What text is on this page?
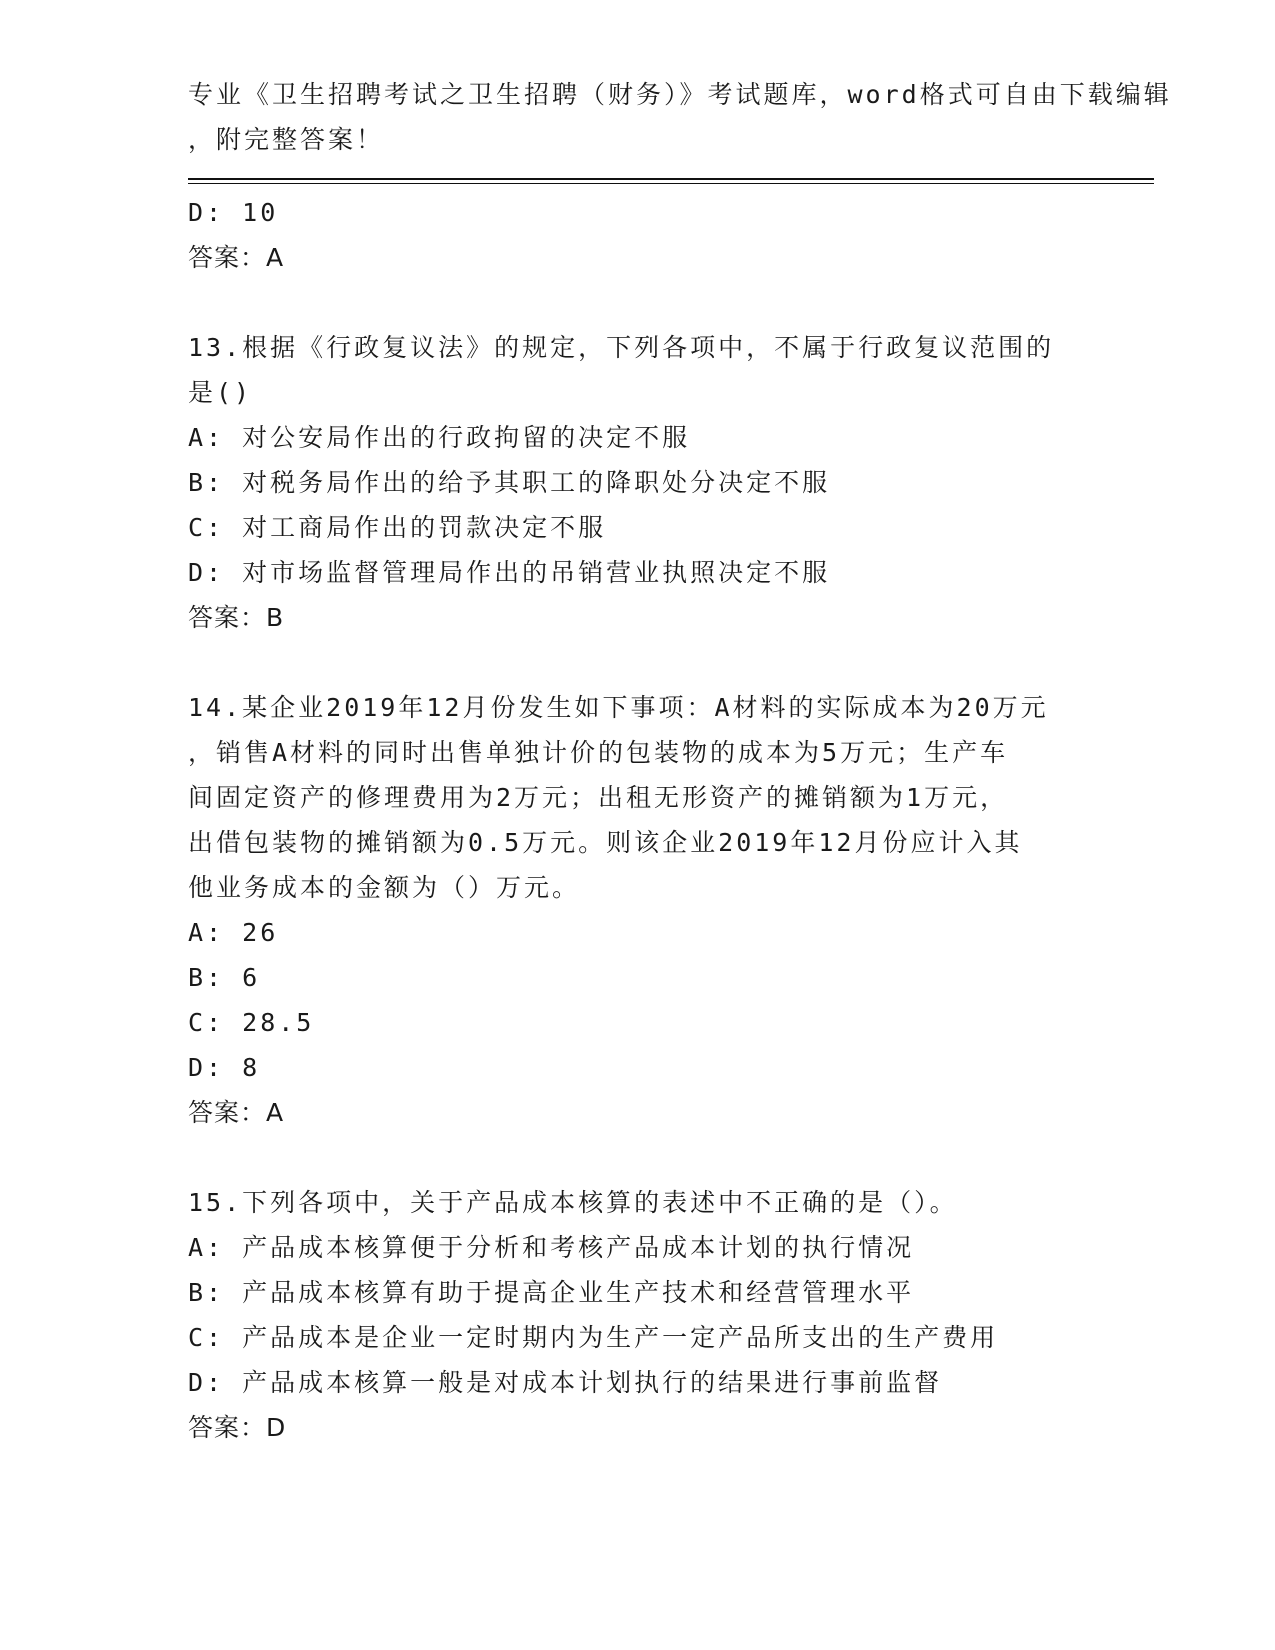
专业《卫生招聘考试之卫生招聘（财务）》考试题库，word格式可自由下载编辑
，附完整答案！
D: 10
答案：A
13.根据《行政复议法》的规定，下列各项中，不属于行政复议范围的
是()
A: 对公安局作出的行政拘留的决定不服
B: 对税务局作出的给予其职工的降职处分决定不服
C: 对工商局作出的罚款决定不服
D: 对市场监督管理局作出的吊销营业执照决定不服
答案：B
14.某企业2019年12月份发生如下事项：A材料的实际成本为20万元
，销售A材料的同时出售单独计价的包装物的成本为5万元；生产车
间固定资产的修理费用为2万元；出租无形资产的摊销额为1万元，
出借包装物的摊销额为0.5万元。则该企业2019年12月份应计入其
他业务成本的金额为（）万元。
A: 26
B: 6
C: 28.5
D: 8
答案：A
15.下列各项中，关于产品成本核算的表述中不正确的是（）。
A: 产品成本核算便于分析和考核产品成本计划的执行情况
B: 产品成本核算有助于提高企业生产技术和经营管理水平
C: 产品成本是企业一定时期内为生产一定产品所支出的生产费用
D: 产品成本核算一般是对成本计划执行的结果进行事前监督
答案：D
